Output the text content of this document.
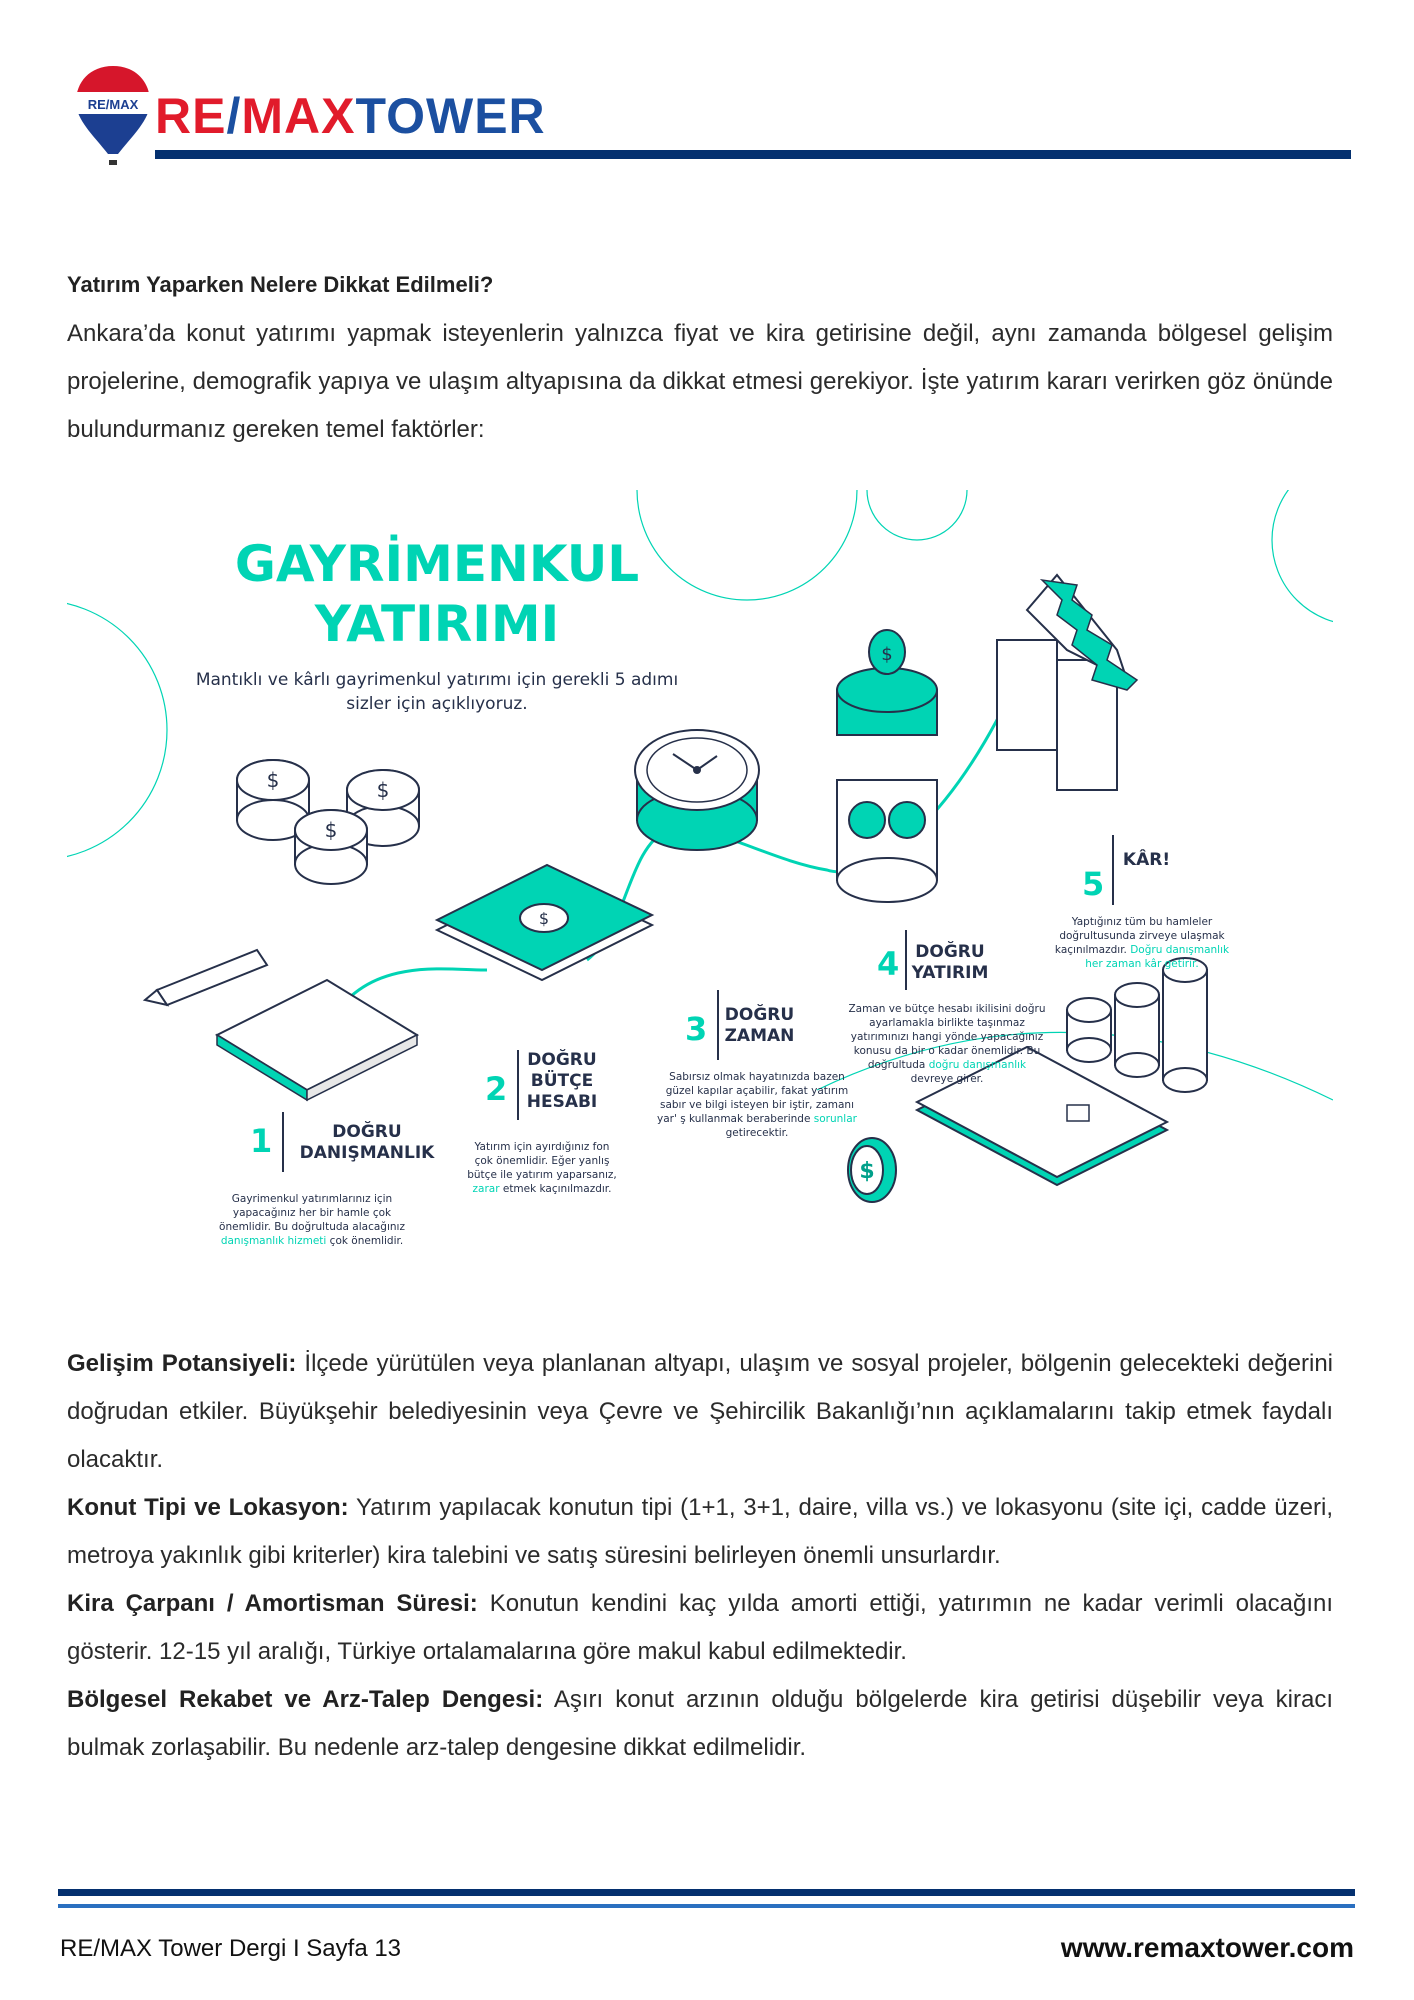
RE/MAX RE/MAXTOWER
Yatırım Yaparken Nelere Dikkat Edilmeli?
Ankara’da konut yatırımı yapmak isteyenlerin yalnızca fiyat ve kira getirisine değil, aynı zamanda bölgesel gelişim projelerine, demografik yapıya ve ulaşım altyapısına da dikkat etmesi gerekiyor. İşte yatırım kararı verirken göz önünde bulundurmanız gereken temel faktörler:
$	$
$
$
$
$
GAYRİMENKUL
YATIRIMI
Mantıklı ve kârlı gayrimenkul yatırımı için gerekli 5 adımı sizler için açıklıyoruz.
1	DOĞRU
DANIŞMANLIK
Gayrimenkul yatırımlarınız için yapacağınız her bir hamle çok önemlidir. Bu doğrultuda alacağınız danışmanlık hizmeti çok önemlidir.
2
DOĞRU
BÜTÇE
HESABI
Yatırım için ayırdığınız fon çok önemlidir. Eğer yanlış bütçe ile yatırım yaparsanız, zarar etmek kaçınılmazdır.
3 DOĞRU
ZAMAN
Sabırsız olmak hayatınızda bazen güzel kapılar açabilir, fakat yatırım sabır ve bilgi isteyen bir iştir, zamanı yar' ş kullanmak beraberinde sorunlar getirecektir.
4 DOĞRU
YATIRIM
Zaman ve bütçe hesabı ikilisini doğru ayarlamakla birlikte taşınmaz yatırımınızı hangi yönde yapacağınız konusu da bir o kadar önemlidir. Bu doğrultuda doğru danışmanlık devreye girer.
5
KÂR!
Yaptığınız tüm bu hamleler doğrultusunda zirveye ulaşmak kaçınılmazdır. Doğru danışmanlık her zaman kâr getirir.
Gelişim Potansiyeli: İlçede yürütülen veya planlanan altyapı, ulaşım ve sosyal projeler, bölgenin gelecekteki değerini doğrudan etkiler. Büyükşehir belediyesinin veya Çevre ve Şehircilik Bakanlığı’nın açıklamalarını takip etmek faydalı olacaktır.
Konut Tipi ve Lokasyon: Yatırım yapılacak konutun tipi (1+1, 3+1, daire, villa vs.) ve lokasyonu (site içi, cadde üzeri, metroya yakınlık gibi kriterler) kira talebini ve satış süresini belirleyen önemli unsurlardır.
Kira Çarpanı / Amortisman Süresi: Konutun kendini kaç yılda amorti ettiği, yatırımın ne kadar verimli olacağını gösterir. 12-15 yıl aralığı, Türkiye ortalamalarına göre makul kabul edilmektedir.
Bölgesel Rekabet ve Arz-Talep Dengesi: Aşırı konut arzının olduğu bölgelerde kira getirisi düşebilir veya kiracı bulmak zorlaşabilir. Bu nedenle arz-talep dengesine dikkat edilmelidir.
RE/MAX Tower Dergi I Sayfa 13	www.remaxtower.com
